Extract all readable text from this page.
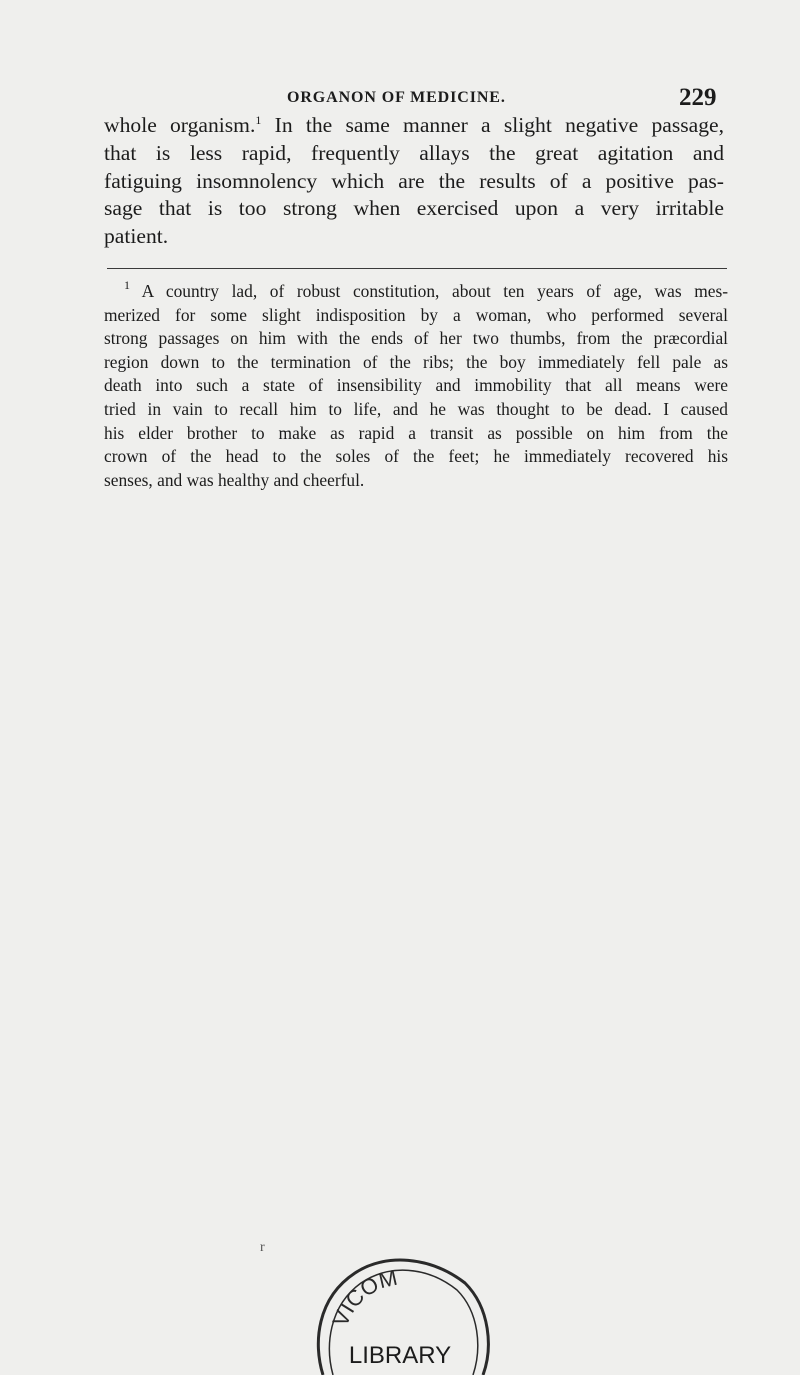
ORGANON OF MEDICINE.	229
whole organism.$^1$ In the same manner a slight negative passage,
that is less rapid, frequently allays the great agitation and
fatiguing insomnolency which are the results of a positive pas-
sage that is too strong when exercised upon a very irritable
patient.
$^1$ A country lad, of robust constitution, about ten years of age, was mes-
merized for some slight indisposition by a woman, who performed several
strong passages on him with the ends of her two thumbs, from the præcordial
region down to the termination of the ribs; the boy immediately fell pale as
death into such a state of insensibility and immobility that all means were
tried in vain to recall him to life, and he was thought to be dead. I caused
his elder brother to make as rapid a transit as possible on him from the
crown of the head to the soles of the feet; he immediately recovered his
senses, and was healthy and cheerful.
r
VICOM
LIBRARY
